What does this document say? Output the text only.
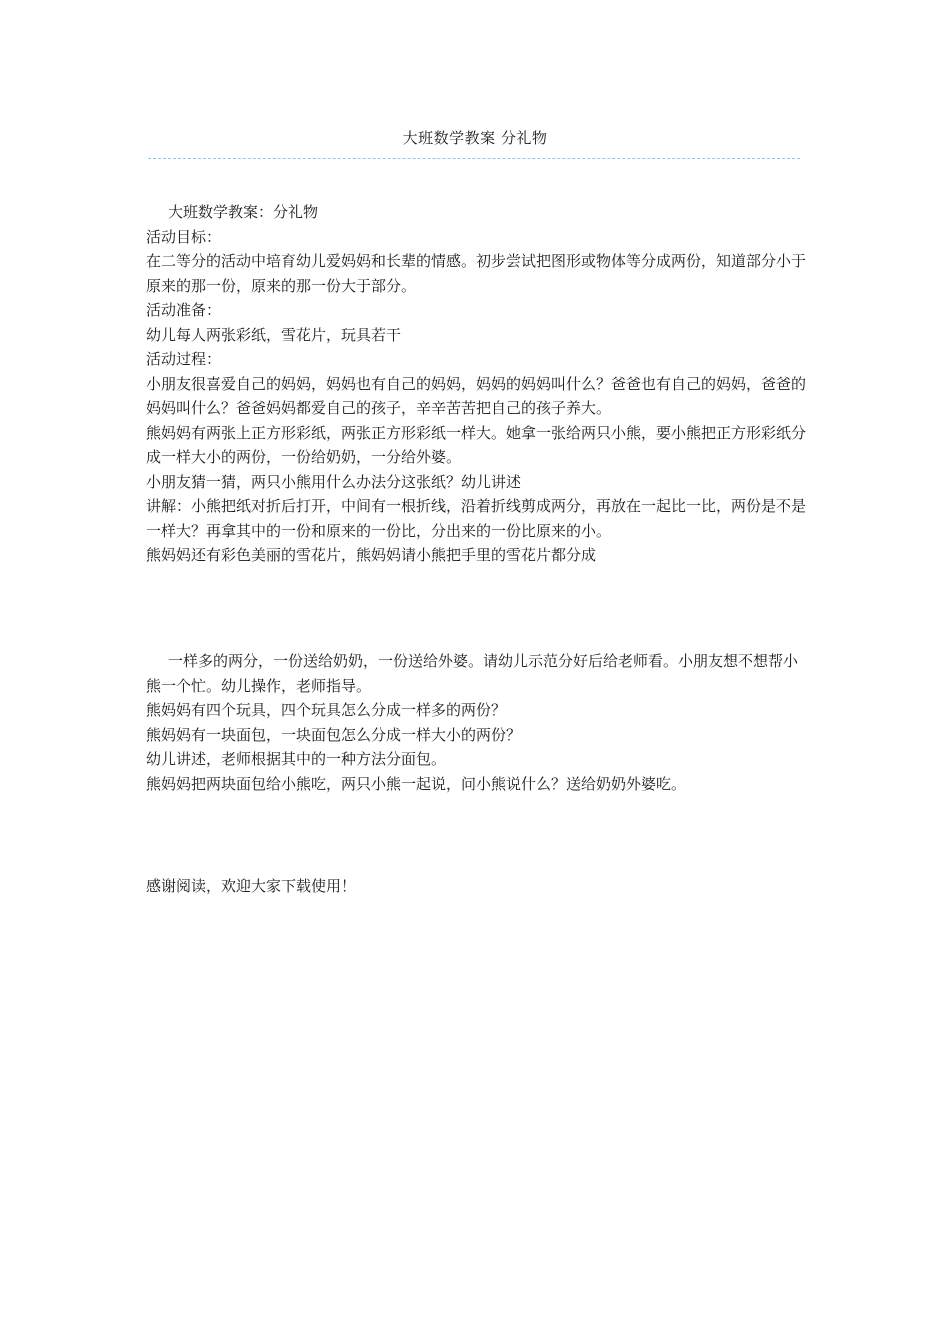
大班数学教案 分礼物

大班数学教案：分礼物

活动目标：

在二等分的活动中培育幼儿爱妈妈和长辈的情感。初步尝试把图形或物体等分成两份，知道部分小于原来的那一份，原来的那一份大于部分。

活动准备：

幼儿每人两张彩纸，雪花片，玩具若干

活动过程：

小朋友很喜爱自己的妈妈，妈妈也有自己的妈妈，妈妈的妈妈叫什么？爸爸也有自己的妈妈，爸爸的妈妈叫什么？爸爸妈妈都爱自己的孩子，辛辛苦苦把自己的孩子养大。

熊妈妈有两张上正方形彩纸，两张正方形彩纸一样大。她拿一张给两只小熊，要小熊把正方形彩纸分成一样大小的两份，一份给奶奶，一分给外婆。

小朋友猜一猜，两只小熊用什么办法分这张纸？幼儿讲述

讲解：小熊把纸对折后打开，中间有一根折线，沿着折线剪成两分，再放在一起比一比，两份是不是一样大？再拿其中的一份和原来的一份比，分出来的一份比原来的小。

熊妈妈还有彩色美丽的雪花片，熊妈妈请小熊把手里的雪花片都分成

一样多的两分，一份送给奶奶，一份送给外婆。请幼儿示范分好后给老师看。小朋友想不想帮小熊一个忙。幼儿操作，老师指导。

熊妈妈有四个玩具，四个玩具怎么分成一样多的两份？

熊妈妈有一块面包，一块面包怎么分成一样大小的两份？

幼儿讲述，老师根据其中的一种方法分面包。

熊妈妈把两块面包给小熊吃，两只小熊一起说，问小熊说什么？送给奶奶外婆吃。

感谢阅读，欢迎大家下载使用！
